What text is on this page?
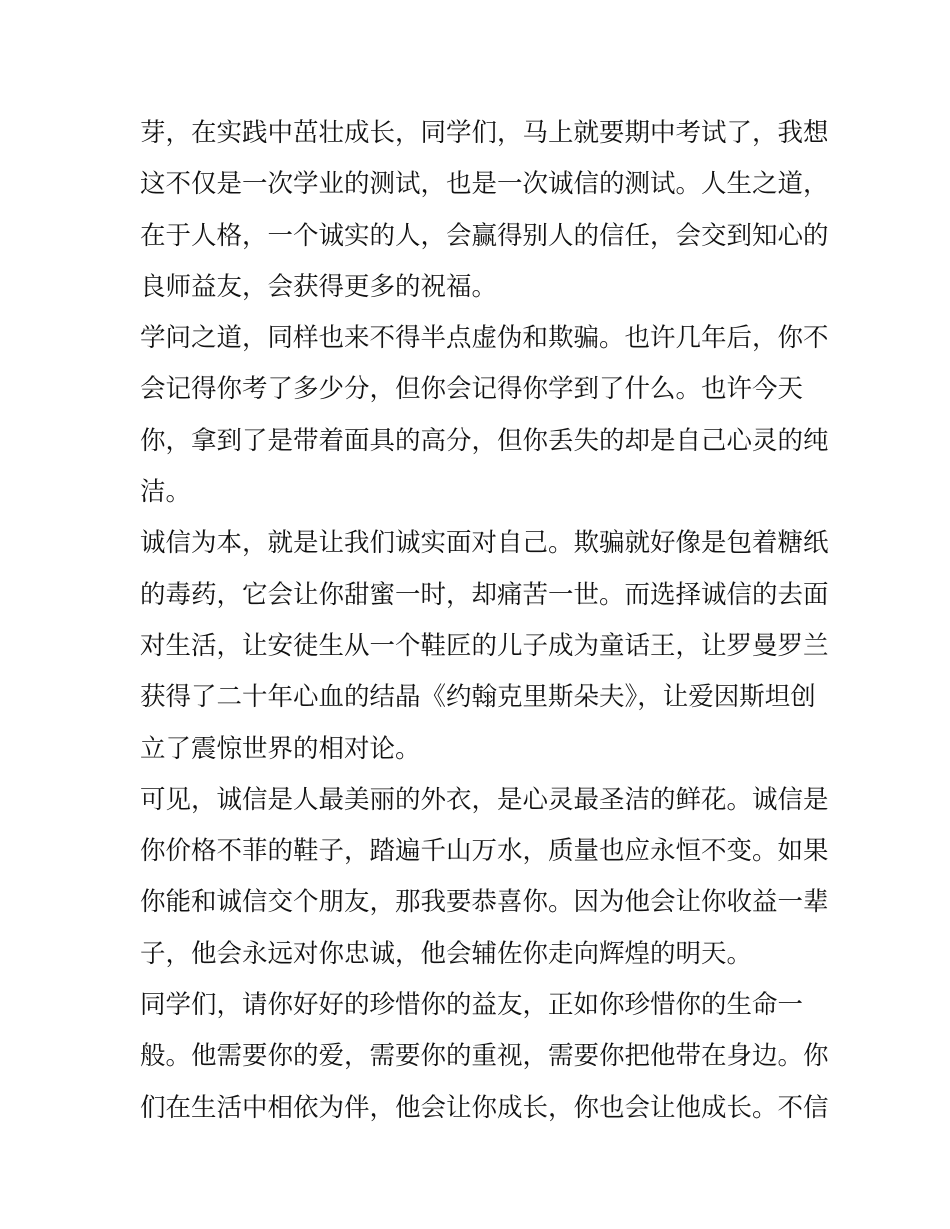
芽，在实践中茁壮成长，同学们，马上就要期中考试了，我想
这不仅是一次学业的测试，也是一次诚信的测试。人生之道，
在于人格，一个诚实的人，会赢得别人的信任，会交到知心的
良师益友，会获得更多的祝福。
学问之道，同样也来不得半点虚伪和欺骗。也许几年后，你不
会记得你考了多少分，但你会记得你学到了什么。也许今天
你，拿到了是带着面具的高分，但你丢失的却是自己心灵的纯
洁。
诚信为本，就是让我们诚实面对自己。欺骗就好像是包着糖纸
的毒药，它会让你甜蜜一时，却痛苦一世。而选择诚信的去面
对生活，让安徒生从一个鞋匠的儿子成为童话王，让罗曼罗兰
获得了二十年心血的结晶《约翰克里斯朵夫》，让爱因斯坦创
立了震惊世界的相对论。
可见，诚信是人最美丽的外衣，是心灵最圣洁的鲜花。诚信是
你价格不菲的鞋子，踏遍千山万水，质量也应永恒不变。如果
你能和诚信交个朋友，那我要恭喜你。因为他会让你收益一辈
子，他会永远对你忠诚，他会辅佐你走向辉煌的明天。
同学们，请你好好的珍惜你的益友，正如你珍惜你的生命一
般。他需要你的爱，需要你的重视，需要你把他带在身边。你
们在生活中相依为伴，他会让你成长，你也会让他成长。不信
